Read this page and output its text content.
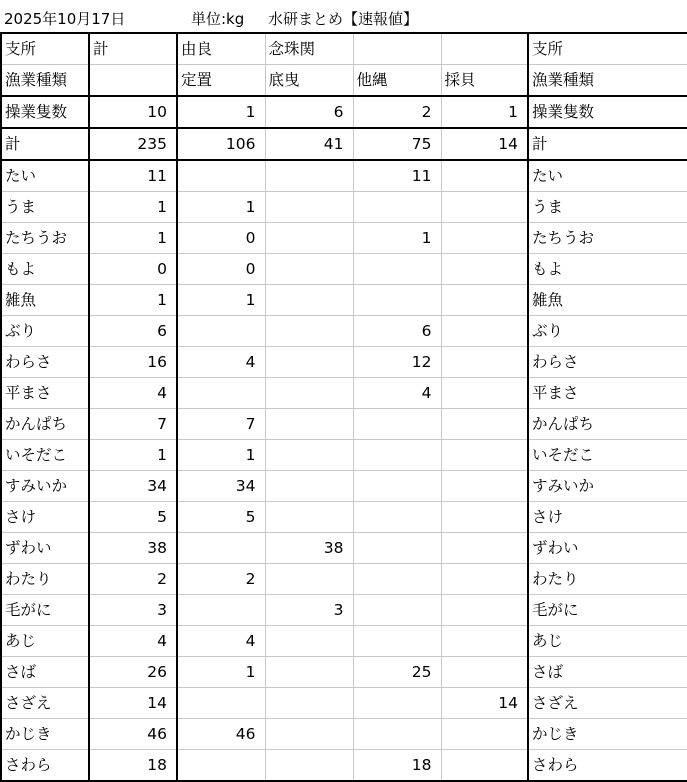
2025年10月17日	単位:kg 水研まとめ【速報値】
支所	計	由良	念珠関			支所
漁業種類		定置	底曳	他縄	採貝	漁業種類
操業隻数	10	1	6	2	1	操業隻数
計	235	106	41	75	14	計
たい	11			11		たい
うま	1	1				うま
たちうお	1	0		1		たちうお
もよ	0	0				もよ
雑魚	1	1				雑魚
ぶり	6			6		ぶり
わらさ	16	4		12		わらさ
平まさ	4			4		平まさ
かんぱち	7	7				かんぱち
いそだこ	1	1				いそだこ
すみいか	34	34				すみいか
さけ	5	5				さけ
ずわい	38		38			ずわい
わたり	2	2				わたり
毛がに	3		3			毛がに
あじ	4	4				あじ
さば	26	1		25		さば
さざえ	14				14	さざえ
かじき	46	46				かじき
さわら	18			18		さわら
